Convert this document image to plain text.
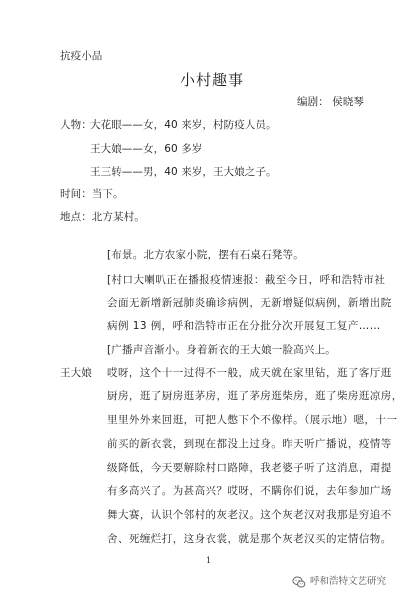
抗疫小品
小村趣事
编剧： 侯晓琴
人物：
大花眼——女，40 来岁，村防疫人员。
王大娘——女，60 多岁
王三转——男，40 来岁，王大娘之子。
时间：当下。
地点：北方某村。
[布景。北方农家小院，摆有石桌石凳等。
[村口大喇叭正在播报疫情速报：截至今日，呼和浩特市社
会面无新增新冠肺炎确诊病例，无新增疑似病例，新增出院
病例 13 例，呼和浩特市正在分批分次开展复工复产……
[广播声音渐小。身着新衣的王大娘一脸高兴上。
王大娘 哎呀，这个十一过得不一般，成天就在家里钻，逛了客厅逛
厨房，逛了厨房逛茅房，逛了茅房逛柴房，逛了柴房逛凉房，
里里外外来回逛，可把人憋下个不像样。（展示地）嗯，十一
前买的新衣裳，到现在都没上过身。昨天听广播说，疫情等
级降低，今天要解除村口路障，我老婆子听了这消息，甭提
有多高兴了。为甚高兴？哎呀，不瞒你们说，去年参加广场
舞大赛，认识个邻村的灰老汉。这个灰老汉对我那是穷追不
舍、死缠烂打，这身衣裳，就是那个灰老汉买的定情信物。
1
呼和浩特文艺研究
